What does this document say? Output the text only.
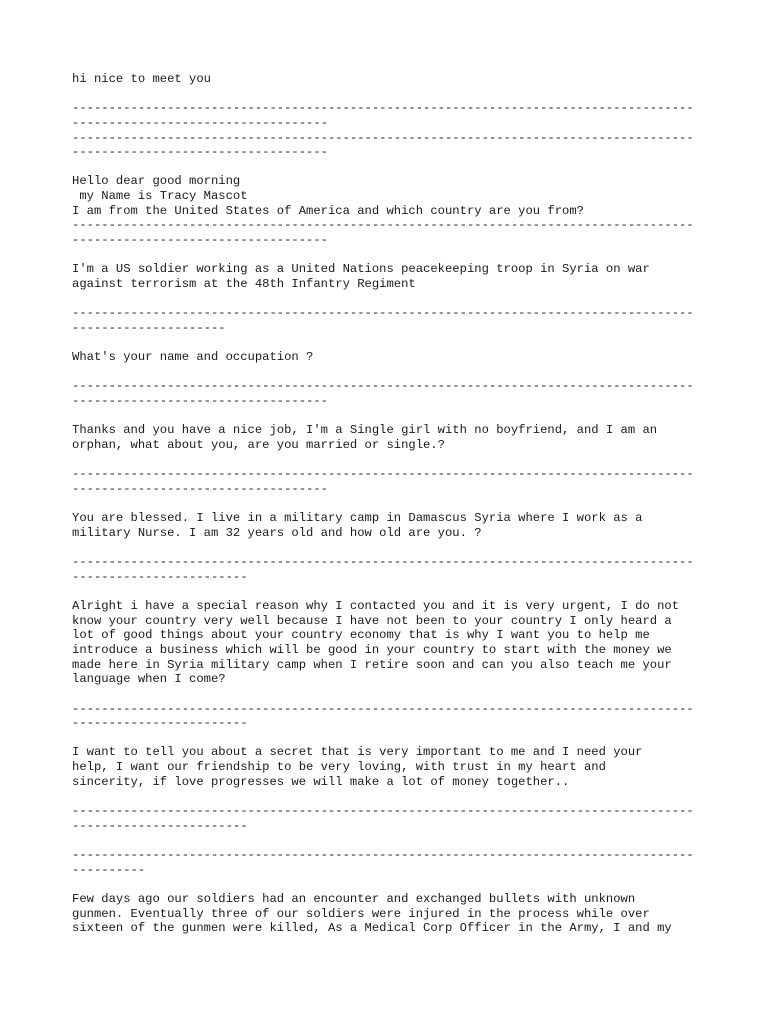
hi nice to meet you
-------------------------------------------------------------------------------------
-----------------------------------
-------------------------------------------------------------------------------------
-----------------------------------
Hello dear good morning
my Name is Tracy Mascot
I am from the United States of America and which country are you from?
-------------------------------------------------------------------------------------
-----------------------------------
I'm a US soldier working as a United Nations peacekeeping troop in Syria on war
against terrorism at the 48th Infantry Regiment
-------------------------------------------------------------------------------------
---------------------
What's your name and occupation ?
-------------------------------------------------------------------------------------
-----------------------------------
Thanks and you have a nice job, I'm a Single girl with no boyfriend, and I am an
orphan, what about you, are you married or single.?
-------------------------------------------------------------------------------------
-----------------------------------
You are blessed. I live in a military camp in Damascus Syria where I work as a
military Nurse. I am 32 years old and how old are you. ?
-------------------------------------------------------------------------------------
------------------------
Alright i have a special reason why I contacted you and it is very urgent, I do not
know your country very well because I have not been to your country I only heard a
lot of good things about your country economy that is why I want you to help me
introduce a business which will be good in your country to start with the money we
made here in Syria military camp when I retire soon and can you also teach me your
language when I come?
-------------------------------------------------------------------------------------
------------------------
I want to tell you about a secret that is very important to me and I need your
help, I want our friendship to be very loving, with trust in my heart and
sincerity, if love progresses we will make a lot of money together..
-------------------------------------------------------------------------------------
------------------------
-------------------------------------------------------------------------------------
----------
Few days ago our soldiers had an encounter and exchanged bullets with unknown
gunmen. Eventually three of our soldiers were injured in the process while over
sixteen of the gunmen were killed, As a Medical Corp Officer in the Army, I and my
